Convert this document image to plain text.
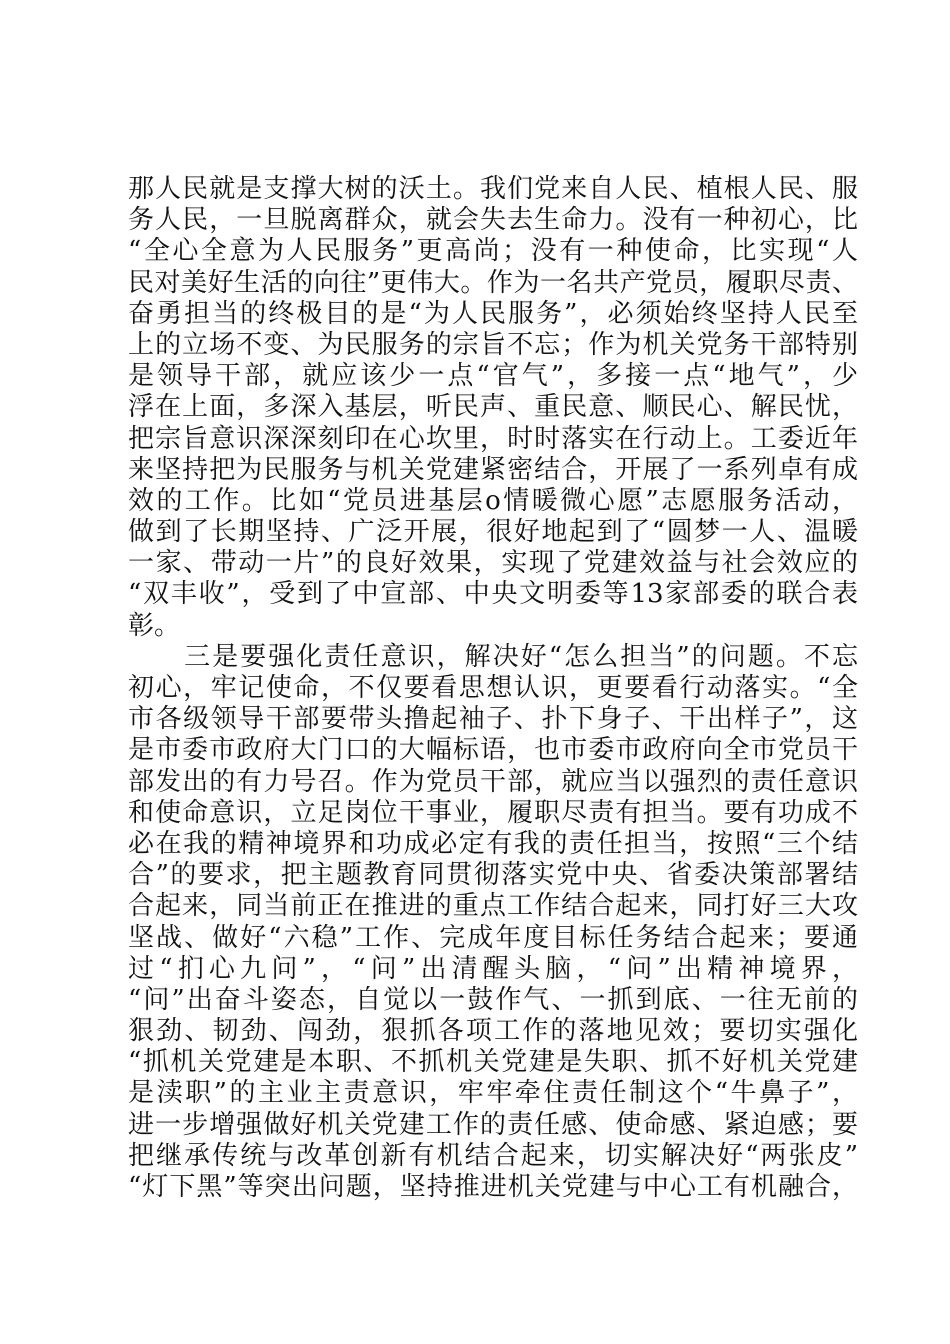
那人民就是支撑大树的沃土。我们党来自人民、植根人民、服
务人民，一旦脱离群众，就会失去生命力。没有一种初心，比
“全心全意为人民服务”更高尚；没有一种使命，比实现“人
民对美好生活的向往”更伟大。作为一名共产党员，履职尽责、
奋勇担当的终极目的是“为人民服务”，必须始终坚持人民至
上的立场不变、为民服务的宗旨不忘；作为机关党务干部特别
是领导干部，就应该少一点“官气”，多接一点“地气”，少
浮在上面，多深入基层，听民声、重民意、顺民心、解民忧，
把宗旨意识深深刻印在心坎里，时时落实在行动上。工委近年
来坚持把为民服务与机关党建紧密结合，开展了一系列卓有成
效的工作。比如“党员进基层o情暖微心愿”志愿服务活动，
做到了长期坚持、广泛开展，很好地起到了“圆梦一人、温暖
一家、带动一片”的良好效果，实现了党建效益与社会效应的
“双丰收”，受到了中宣部、中央文明委等13家部委的联合表
彰。
　　三是要强化责任意识，解决好“怎么担当”的问题。不忘
初心，牢记使命，不仅要看思想认识，更要看行动落实。“全
市各级领导干部要带头撸起袖子、扑下身子、干出样子”，这
是市委市政府大门口的大幅标语，也市委市政府向全市党员干
部发出的有力号召。作为党员干部，就应当以强烈的责任意识
和使命意识，立足岗位干事业，履职尽责有担当。要有功成不
必在我的精神境界和功成必定有我的责任担当，按照“三个结
合”的要求，把主题教育同贯彻落实党中央、省委决策部署结
合起来，同当前正在推进的重点工作结合起来，同打好三大攻
坚战、做好“六稳”工作、完成年度目标任务结合起来；要通
过“扪心九问”，“问”出清醒头脑，“问”出精神境界，
“问”出奋斗姿态，自觉以一鼓作气、一抓到底、一往无前的
狠劲、韧劲、闯劲，狠抓各项工作的落地见效；要切实强化
“抓机关党建是本职、不抓机关党建是失职、抓不好机关党建
是渎职”的主业主责意识，牢牢牵住责任制这个“牛鼻子”，
进一步增强做好机关党建工作的责任感、使命感、紧迫感；要
把继承传统与改革创新有机结合起来，切实解决好“两张皮”
“灯下黑”等突出问题，坚持推进机关党建与中心工有机融合，
